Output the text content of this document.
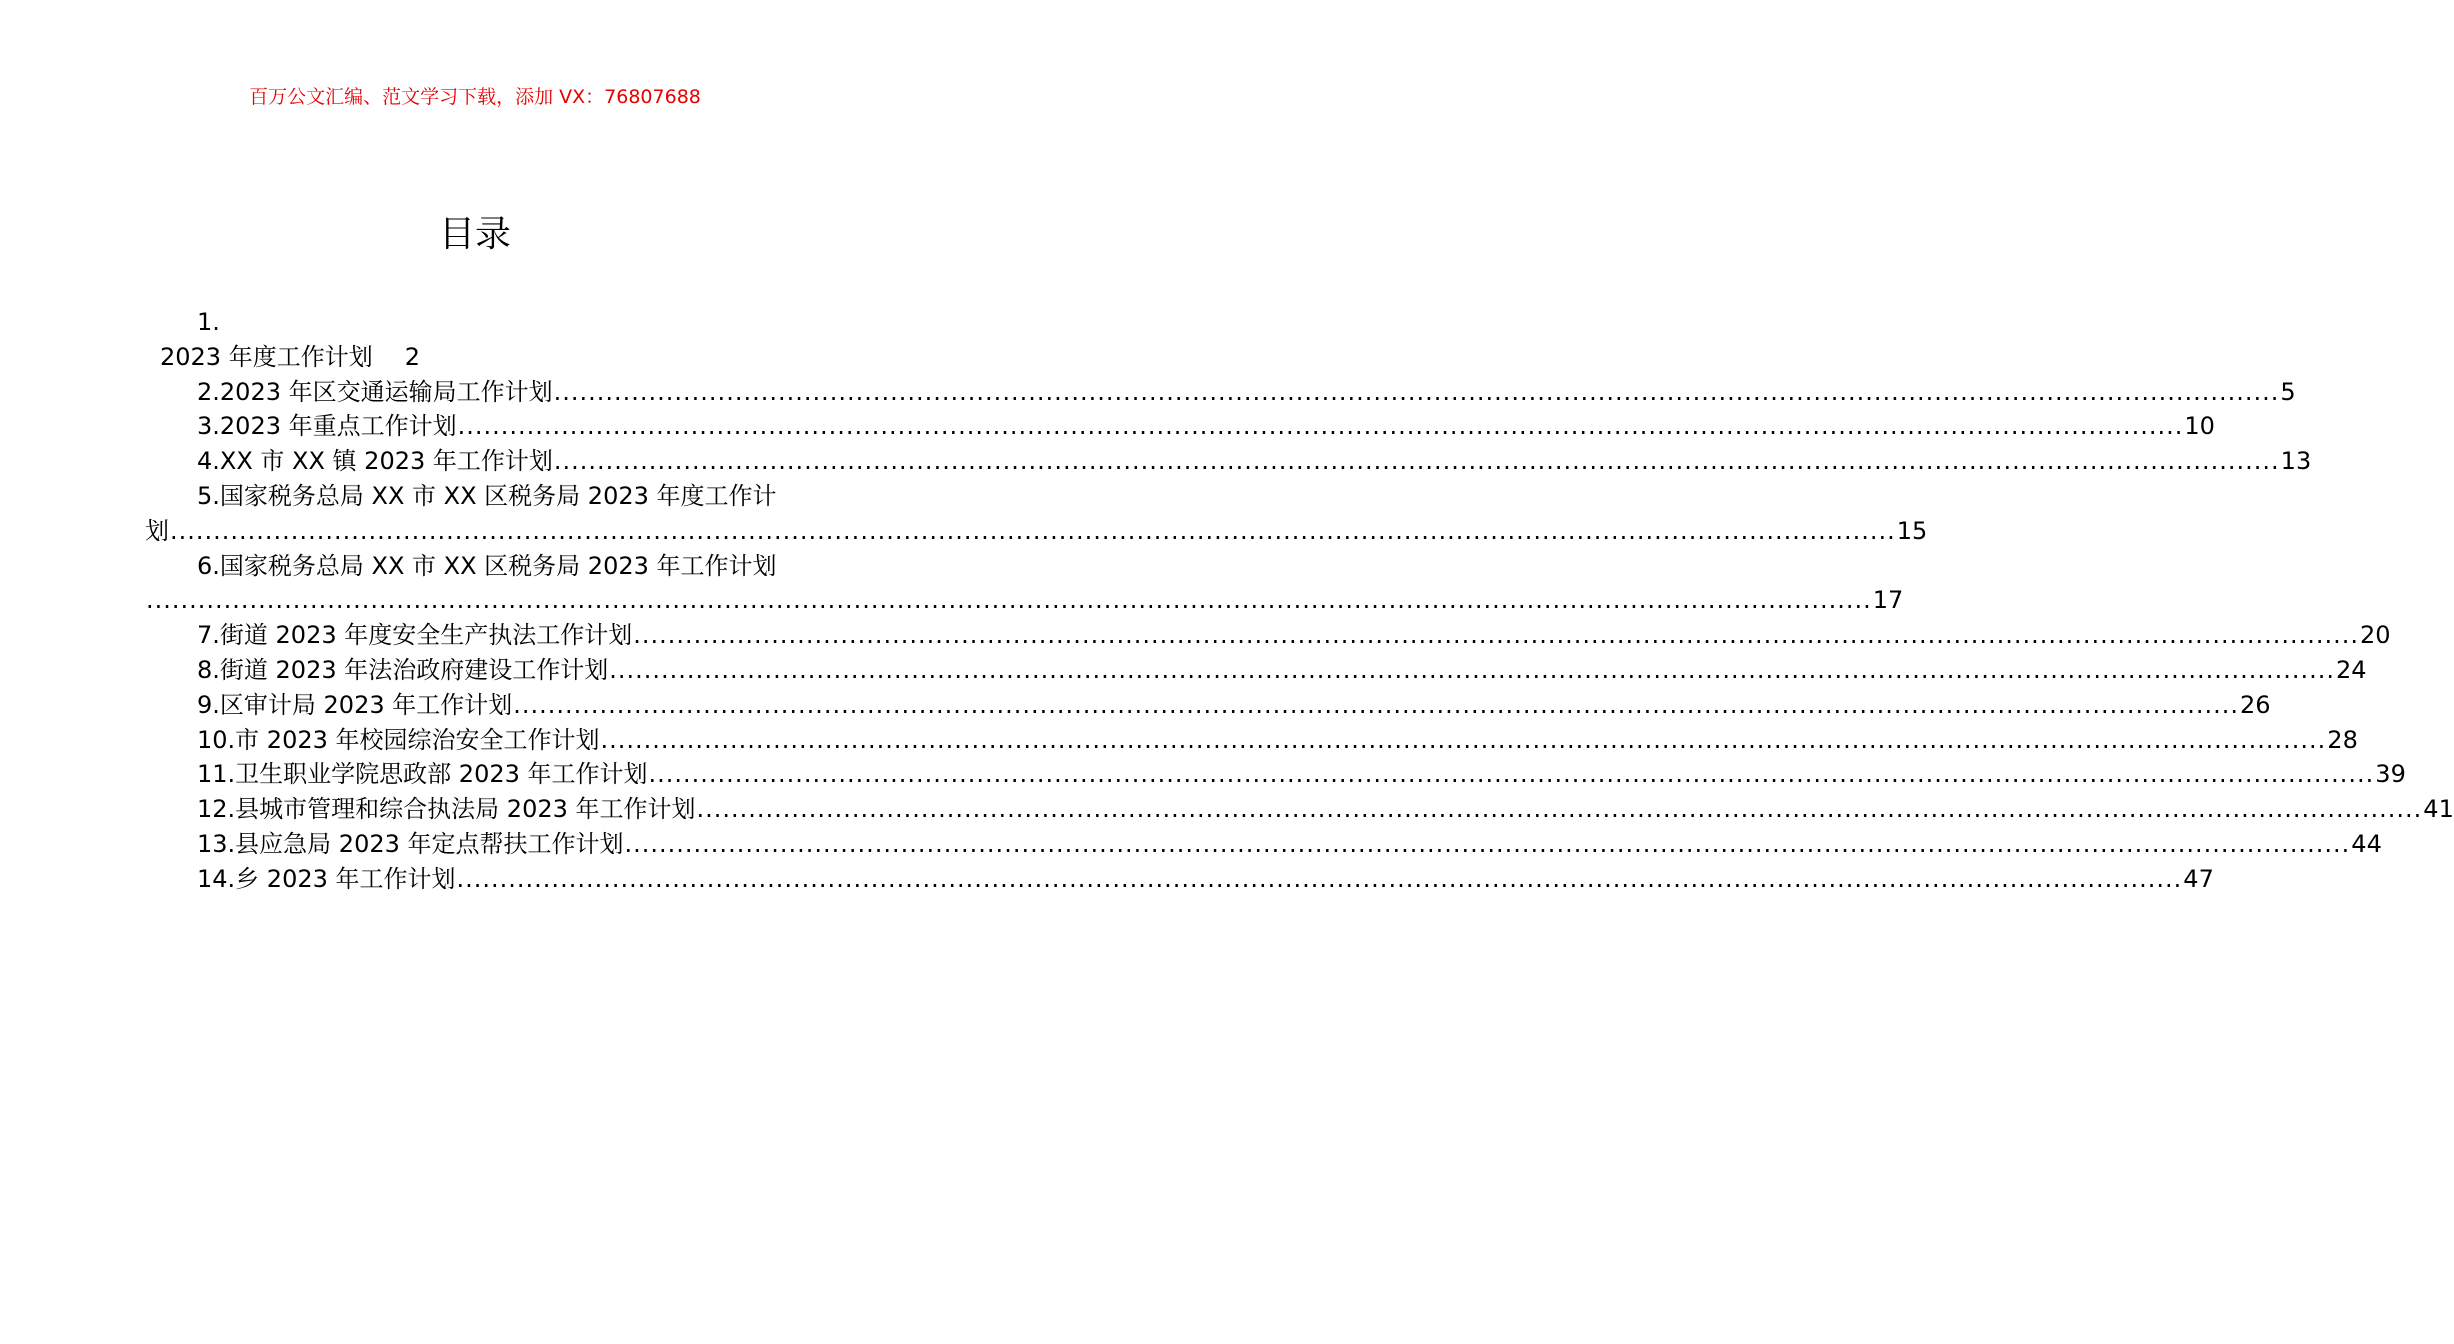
百万公文汇编、范文学习下载，添加 VX：76807688
目录
1.
2023 年度工作计划 2
2.2023 年区交通运输局工作计划 ........................................................................................................................................................................................................ 5
3.2023 年重点工作计划 ........................................................................................................................................................................................................ 10
4.XX 市 XX 镇 2023 年工作计划 ........................................................................................................................................................................................................ 13
5.国家税务总局 XX 市 XX 区税务局 2023 年度工作计
划 ........................................................................................................................................................................................................ 15
6.国家税务总局 XX 市 XX 区税务局 2023 年工作计划
........................................................................................................................................................................................................ 17
7.街道 2023 年度安全生产执法工作计划 ........................................................................................................................................................................................................ 20
8.街道 2023 年法治政府建设工作计划 ........................................................................................................................................................................................................ 24
9.区审计局 2023 年工作计划 ........................................................................................................................................................................................................ 26
10.市 2023 年校园综治安全工作计划 ........................................................................................................................................................................................................ 28
11.卫生职业学院思政部 2023 年工作计划 ........................................................................................................................................................................................................ 39
12.县城市管理和综合执法局 2023 年工作计划 ........................................................................................................................................................................................................ 41
13.县应急局 2023 年定点帮扶工作计划 ........................................................................................................................................................................................................ 44
14.乡 2023 年工作计划 ........................................................................................................................................................................................................ 47
